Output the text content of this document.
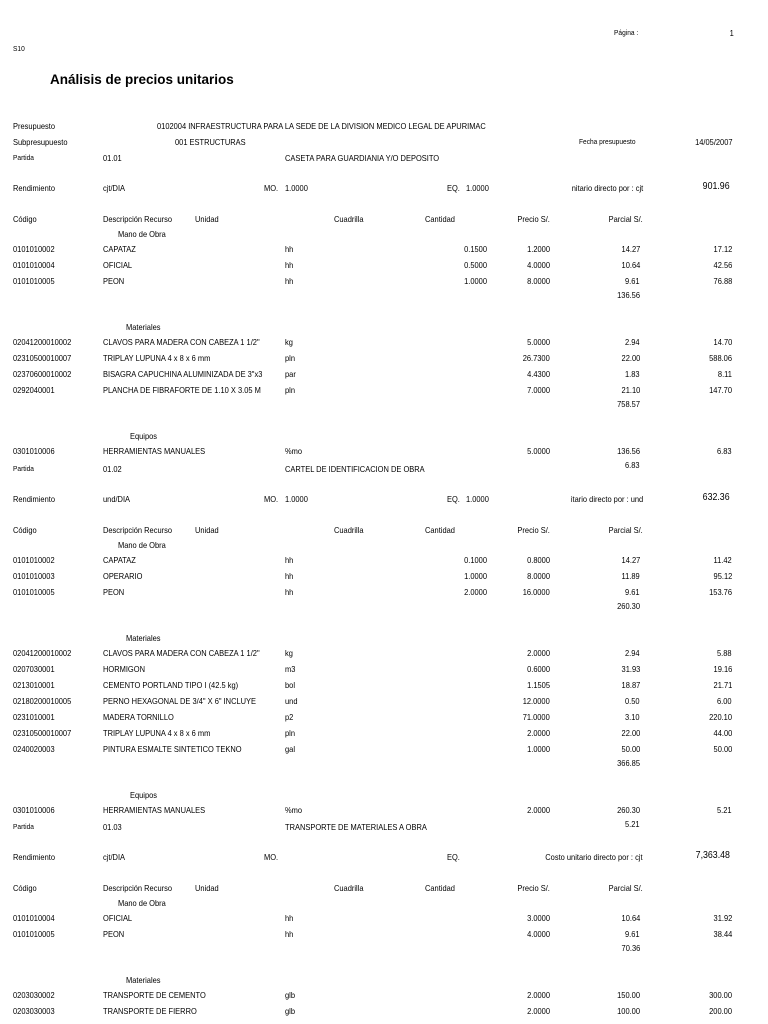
Página :	1
S10
Análisis de precios unitarios
Presupuesto	0102004 INFRAESTRUCTURA PARA LA SEDE DE LA DIVISION MEDICO LEGAL DE APURIMAC
Subpresupuesto	001 ESTRUCTURAS	Fecha presupuesto	14/05/2007
Partida	01.01	CASETA PARA GUARDIANIA Y/O DEPOSITO
Rendimiento	cjt/DIA	MO. 1.0000	EQ. 1.0000	nitario directo por : cjt	901.96
Código	Descripción Recurso	Unidad	Cuadrilla	Cantidad	Precio S/.	Parcial S/.
Mano de Obra
0101010002	CAPATAZ	hh	0.1500	1.2000	14.27	17.12
0101010004	OFICIAL	hh	0.5000	4.0000	10.64	42.56
0101010005	PEON	hh	1.0000	8.0000	9.61	76.88
136.56
Materiales
02041200010002	CLAVOS PARA MADERA CON CABEZA 1 1/2"	kg	5.0000	2.94	14.70
02310500010007	TRIPLAY LUPUNA 4 x 8 x 6 mm	pln	26.7300	22.00	588.06
02370600010002	BISAGRA CAPUCHINA ALUMINIZADA DE 3"x3	par	4.4300	1.83	8.11
0292040001	PLANCHA DE FIBRAFORTE DE 1.10 X 3.05 M	pln	7.0000	21.10	147.70
758.57
Equipos
0301010006	HERRAMIENTAS MANUALES	%mo	5.0000	136.56	6.83
6.83
Partida	01.02	CARTEL DE IDENTIFICACION DE OBRA
Rendimiento	und/DIA	MO. 1.0000	EQ. 1.0000	itario directo por : und	632.36
Código	Descripción Recurso	Unidad	Cuadrilla	Cantidad	Precio S/.	Parcial S/.
Mano de Obra
0101010002	CAPATAZ	hh	0.1000	0.8000	14.27	11.42
0101010003	OPERARIO	hh	1.0000	8.0000	11.89	95.12
0101010005	PEON	hh	2.0000	16.0000	9.61	153.76
260.30
Materiales
02041200010002	CLAVOS PARA MADERA CON CABEZA 1 1/2"	kg	2.0000	2.94	5.88
0207030001	HORMIGON	m3	0.6000	31.93	19.16
0213010001	CEMENTO PORTLAND TIPO I (42.5 kg)	bol	1.1505	18.87	21.71
02180200010005	PERNO HEXAGONAL DE 3/4" X 6" INCLUYE	und	12.0000	0.50	6.00
0231010001	MADERA TORNILLO	p2	71.0000	3.10	220.10
02310500010007	TRIPLAY LUPUNA 4 x 8 x 6 mm	pln	2.0000	22.00	44.00
0240020003	PINTURA ESMALTE SINTETICO TEKNO	gal	1.0000	50.00	50.00
366.85
Equipos
0301010006	HERRAMIENTAS MANUALES	%mo	2.0000	260.30	5.21
5.21
Partida	01.03	TRANSPORTE DE MATERIALES A OBRA
Rendimiento	cjt/DIA	MO.	EQ.	Costo unitario directo por : cjt	7,363.48
Código	Descripción Recurso	Unidad	Cuadrilla	Cantidad	Precio S/.	Parcial S/.
Mano de Obra
0101010004	OFICIAL	hh	3.0000	10.64	31.92
0101010005	PEON	hh	4.0000	9.61	38.44
70.36
Materiales
0203030002	TRANSPORTE DE CEMENTO	glb	2.0000	150.00	300.00
0203030003	TRANSPORTE DE FIERRO	glb	2.0000	100.00	200.00
